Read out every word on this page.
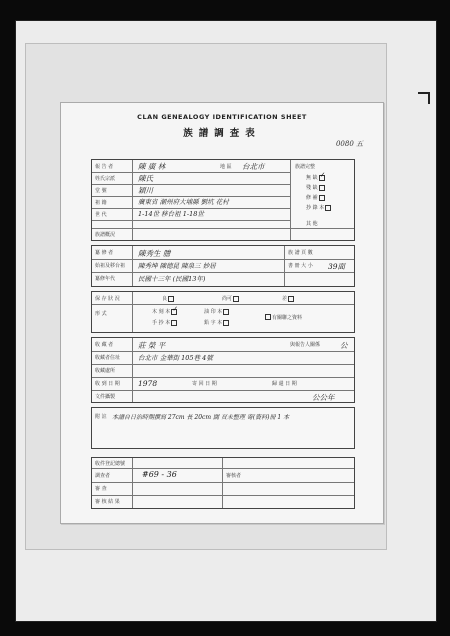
CLAN GENEALOGY IDENTIFICATION SHEET
族譜調查表
0080 五
報 告 者	陳 廣 林	地 區 台北市
姓氏宗派	陳氏
堂 號	穎川
祖 籍	廣東省 潮州府大埔縣 劉坑 花村
世 代	1-14世 移台祖 1-18世
族譜概況
族譜完整
無 缺✓
殘 缺
修 補
抄 錄 本
其 他
纂 修 者	陳秀生 謄	族 譜 頁 數
始祖及移台祖 陳秀坤 陳德昆 陳泉三 妙居	書 冊 大 小 39面
纂修年代	民國十三年 (民國13年)
保 存 狀 況	良	尚可	差
形 式	木 刻 本✓	油 印 本
手 抄 本	鉛 字 本
有關聯之資料
收 藏 者	莊 榮 平	與報告人關係	公
收藏者住址	台北市 金華街 105巷 4號
收藏處所
收 到 日 期 1978	寄 回 日 期	歸 還 日 期
文件攝製	公公年
附 註 本譜自日治時期撰寫 27cm 長 20cm 闊 頁未整理 寄(資料)冊 1 本
收件登記總號
#69 - 36
調查者	審核者
審 查
審 核 結 果
